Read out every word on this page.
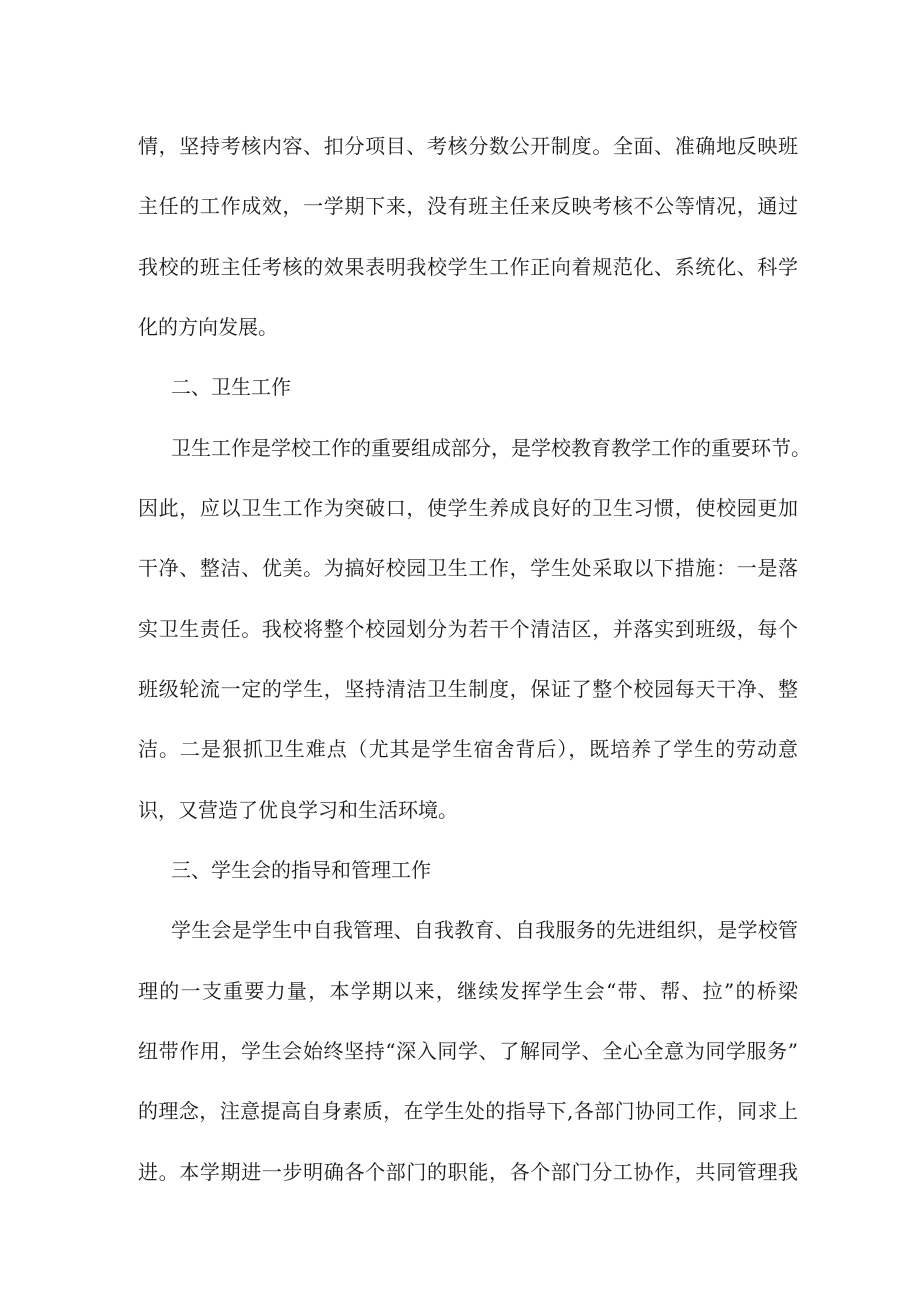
情，坚持考核内容、扣分项目、考核分数公开制度。全面、准确地反映班
主任的工作成效，一学期下来，没有班主任来反映考核不公等情况，通过
我校的班主任考核的效果表明我校学生工作正向着规范化、系统化、科学
化的方向发展。
二、卫生工作
卫生工作是学校工作的重要组成部分，是学校教育教学工作的重要环节。
因此，应以卫生工作为突破口，使学生养成良好的卫生习惯，使校园更加
干净、整洁、优美。为搞好校园卫生工作，学生处采取以下措施：一是落
实卫生责任。我校将整个校园划分为若干个清洁区，并落实到班级，每个
班级轮流一定的学生，坚持清洁卫生制度，保证了整个校园每天干净、整
洁。二是狠抓卫生难点（尤其是学生宿舍背后），既培养了学生的劳动意
识，又营造了优良学习和生活环境。
三、学生会的指导和管理工作
学生会是学生中自我管理、自我教育、自我服务的先进组织，是学校管
理的一支重要力量，本学期以来，继续发挥学生会“带、帮、拉”的桥梁
纽带作用，学生会始终坚持“深入同学、了解同学、全心全意为同学服务”
的理念，注意提高自身素质，在学生处的指导下,各部门协同工作，同求上
进。本学期进一步明确各个部门的职能，各个部门分工协作，共同管理我
